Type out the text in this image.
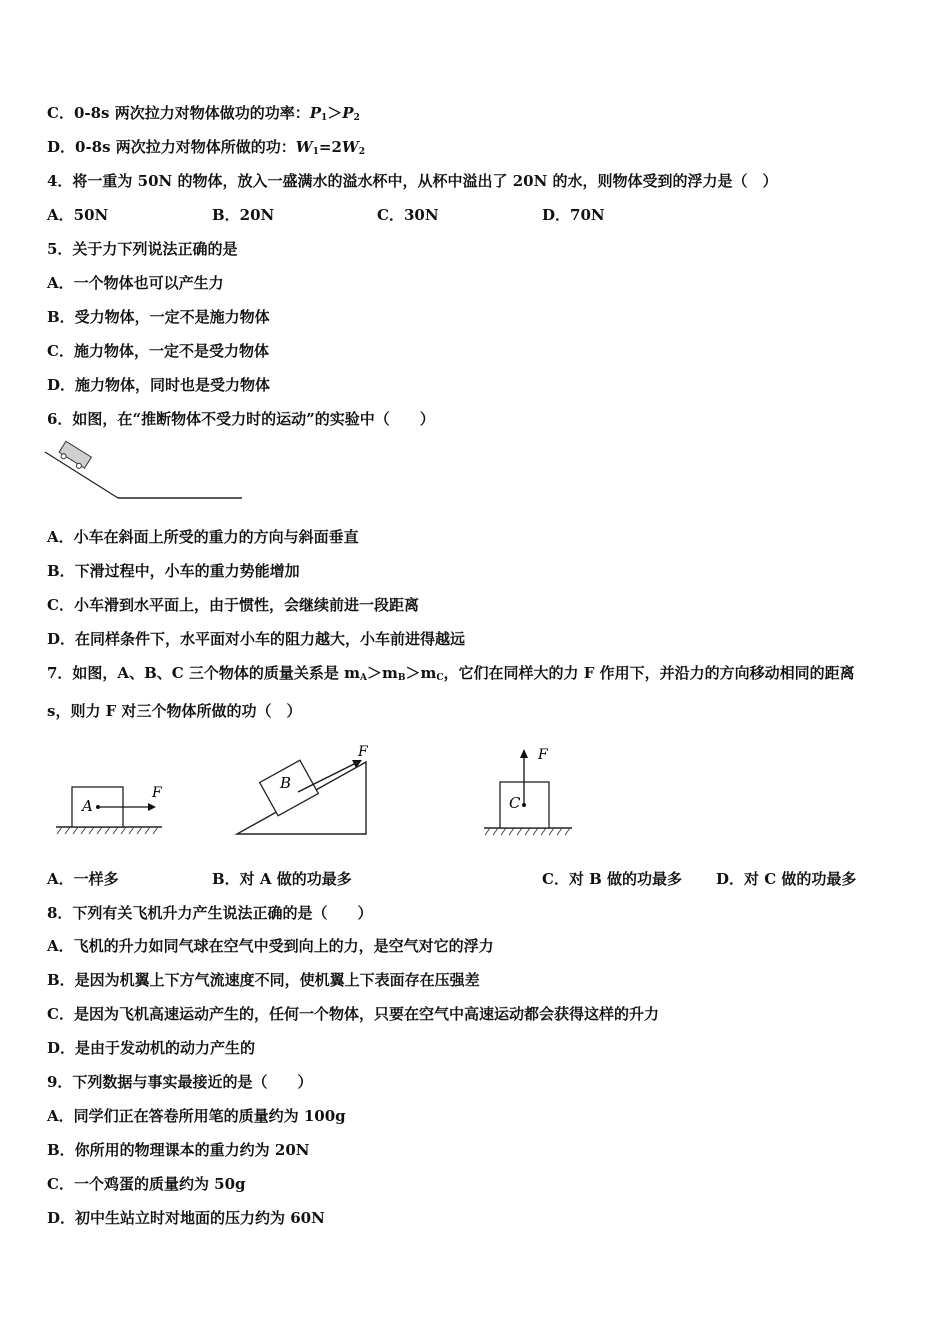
C．0-8s 两次拉力对物体做功的功率：$P_1>P_2$
D．0-8s 两次拉力对物体所做的功：$W_1=2W_2$
4．将一重为 50N 的物体，放入一盛满水的溢水杯中，从杯中溢出了 20N 的水，则物体受到的浮力是（　）
A．50N	B．20N	C．30N	D．70N
5．关于力下列说法正确的是
A．一个物体也可以产生力
B．受力物体，一定不是施力物体
C．施力物体，一定不是受力物体
D．施力物体，同时也是受力物体
6．如图，在“推断物体不受力时的运动”的实验中（　　）
A．小车在斜面上所受的重力的方向与斜面垂直
B．下滑过程中，小车的重力势能增加
C．小车滑到水平面上，由于惯性，会继续前进一段距离
D．在同样条件下，水平面对小车的阻力越大，小车前进得越远
7．如图，A、B、C 三个物体的质量关系是 $m_A>m_B>m_C$，它们在同样大的力 F 作用下，并沿力的方向移动相同的距离
s，则力 F 对三个物体所做的功（　）
A
F
B
F
C
F
A．一样多	B．对 A 做的功最多	C．对 B 做的功最多 D．对 C 做的功最多
8．下列有关飞机升力产生说法正确的是（　　）
A．飞机的升力如同气球在空气中受到向上的力，是空气对它的浮力
B．是因为机翼上下方气流速度不同，使机翼上下表面存在压强差
C．是因为飞机高速运动产生的，任何一个物体，只要在空气中高速运动都会获得这样的升力
D．是由于发动机的动力产生的
9．下列数据与事实最接近的是（　　）
A．同学们正在答卷所用笔的质量约为 100g
B．你所用的物理课本的重力约为 20N
C．一个鸡蛋的质量约为 50g
D．初中生站立时对地面的压力约为 60N
